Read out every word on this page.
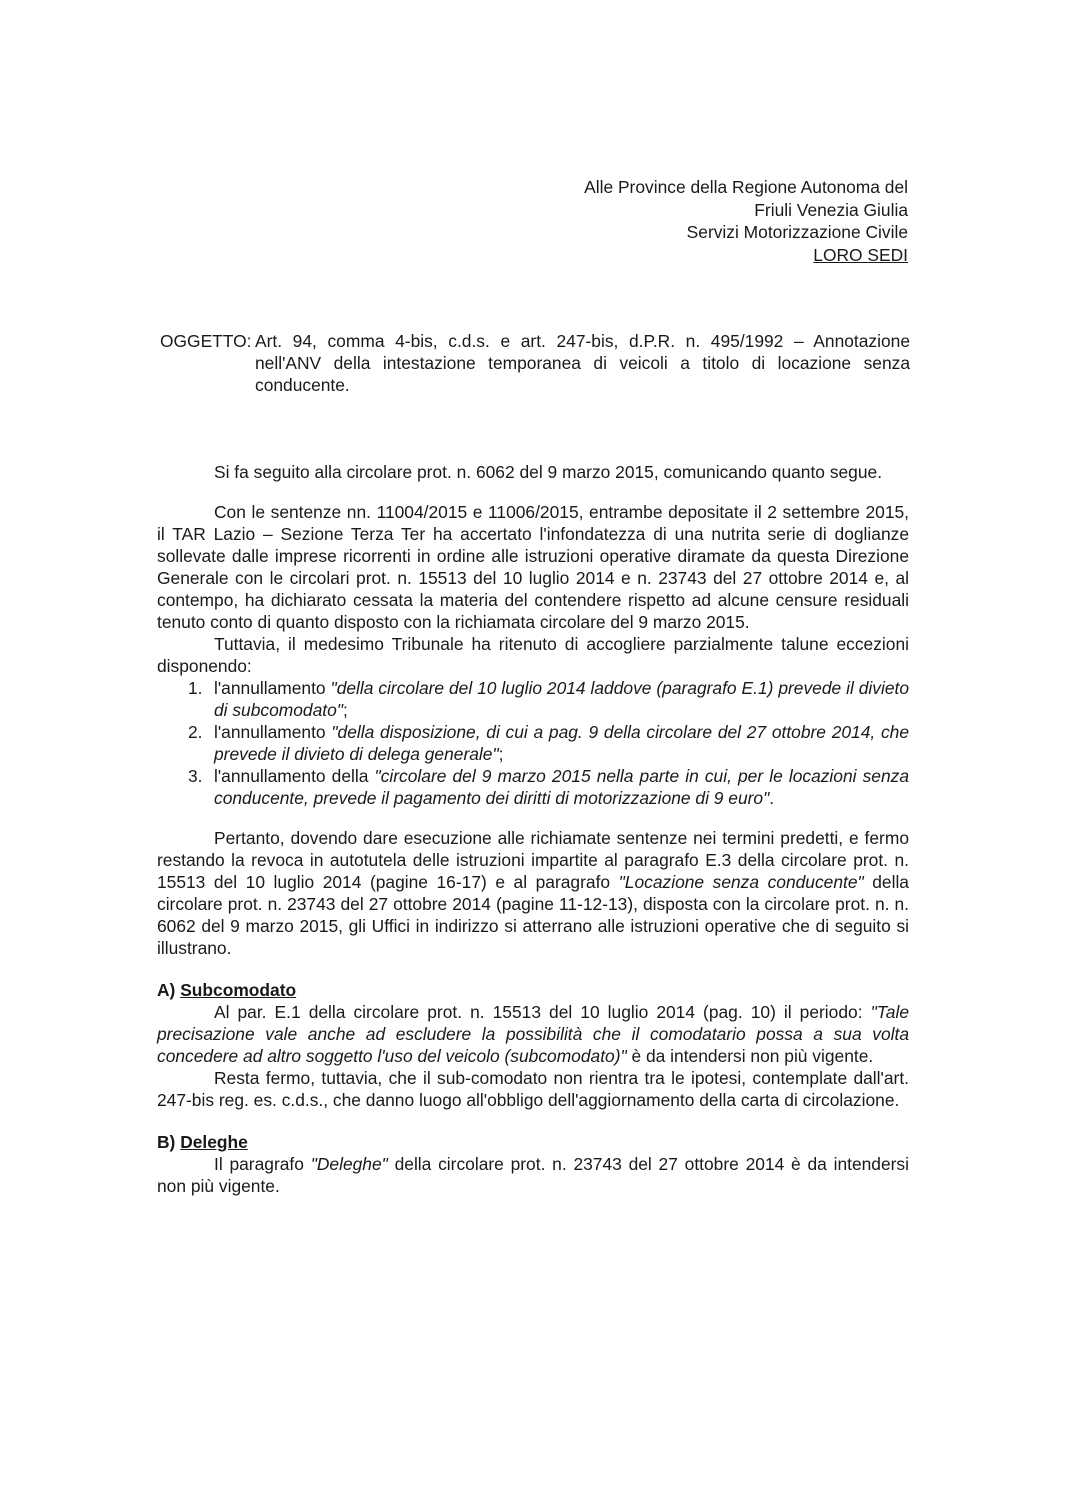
Alle Province della Regione Autonoma del
Friuli Venezia Giulia
Servizi Motorizzazione Civile
LORO SEDI
OGGETTO: Art. 94, comma 4-bis, c.d.s. e art. 247-bis, d.P.R. n. 495/1992 – Annotazione nell'ANV della intestazione temporanea di veicoli a titolo di locazione senza conducente.

Si fa seguito alla circolare prot. n. 6062 del 9 marzo 2015, comunicando quanto segue.

Con le sentenze nn. 11004/2015 e 11006/2015, entrambe depositate il 2 settembre 2015, il TAR Lazio – Sezione Terza Ter ha accertato l'infondatezza di una nutrita serie di doglianze sollevate dalle imprese ricorrenti in ordine alle istruzioni operative diramate da questa Direzione Generale con le circolari prot. n. 15513 del 10 luglio 2014 e n. 23743 del 27 ottobre 2014 e, al contempo, ha dichiarato cessata la materia del contendere rispetto ad alcune censure residuali tenuto conto di quanto disposto con la richiamata circolare del 9 marzo 2015.

Tuttavia, il medesimo Tribunale ha ritenuto di accogliere parzialmente talune eccezioni disponendo:

1. l'annullamento "della circolare del 10 luglio 2014 laddove (paragrafo E.1) prevede il divieto di subcomodato";
2. l'annullamento "della disposizione, di cui a pag. 9 della circolare del 27 ottobre 2014, che prevede il divieto di delega generale";
3. l'annullamento della "circolare del 9 marzo 2015 nella parte in cui, per le locazioni senza conducente, prevede il pagamento dei diritti di motorizzazione di 9 euro".

Pertanto, dovendo dare esecuzione alle richiamate sentenze nei termini predetti, e fermo restando la revoca in autotutela delle istruzioni impartite al paragrafo E.3 della circolare prot. n. 15513 del 10 luglio 2014 (pagine 16-17) e al paragrafo "Locazione senza conducente" della circolare prot. n. 23743 del 27 ottobre 2014 (pagine 11-12-13), disposta con la circolare prot. n. n. 6062 del 9 marzo 2015, gli Uffici in indirizzo si atterrano alle istruzioni operative che di seguito si illustrano.

A) Subcomodato

Al par. E.1 della circolare prot. n. 15513 del 10 luglio 2014 (pag. 10) il periodo: "Tale precisazione vale anche ad escludere la possibilità che il comodatario possa a sua volta concedere ad altro soggetto l'uso del veicolo (subcomodato)" è da intendersi non più vigente.

Resta fermo, tuttavia, che il sub-comodato non rientra tra le ipotesi, contemplate dall'art. 247-bis reg. es. c.d.s., che danno luogo all'obbligo dell'aggiornamento della carta di circolazione.

B) Deleghe

Il paragrafo "Deleghe" della circolare prot. n. 23743 del 27 ottobre 2014 è da intendersi non più vigente.
